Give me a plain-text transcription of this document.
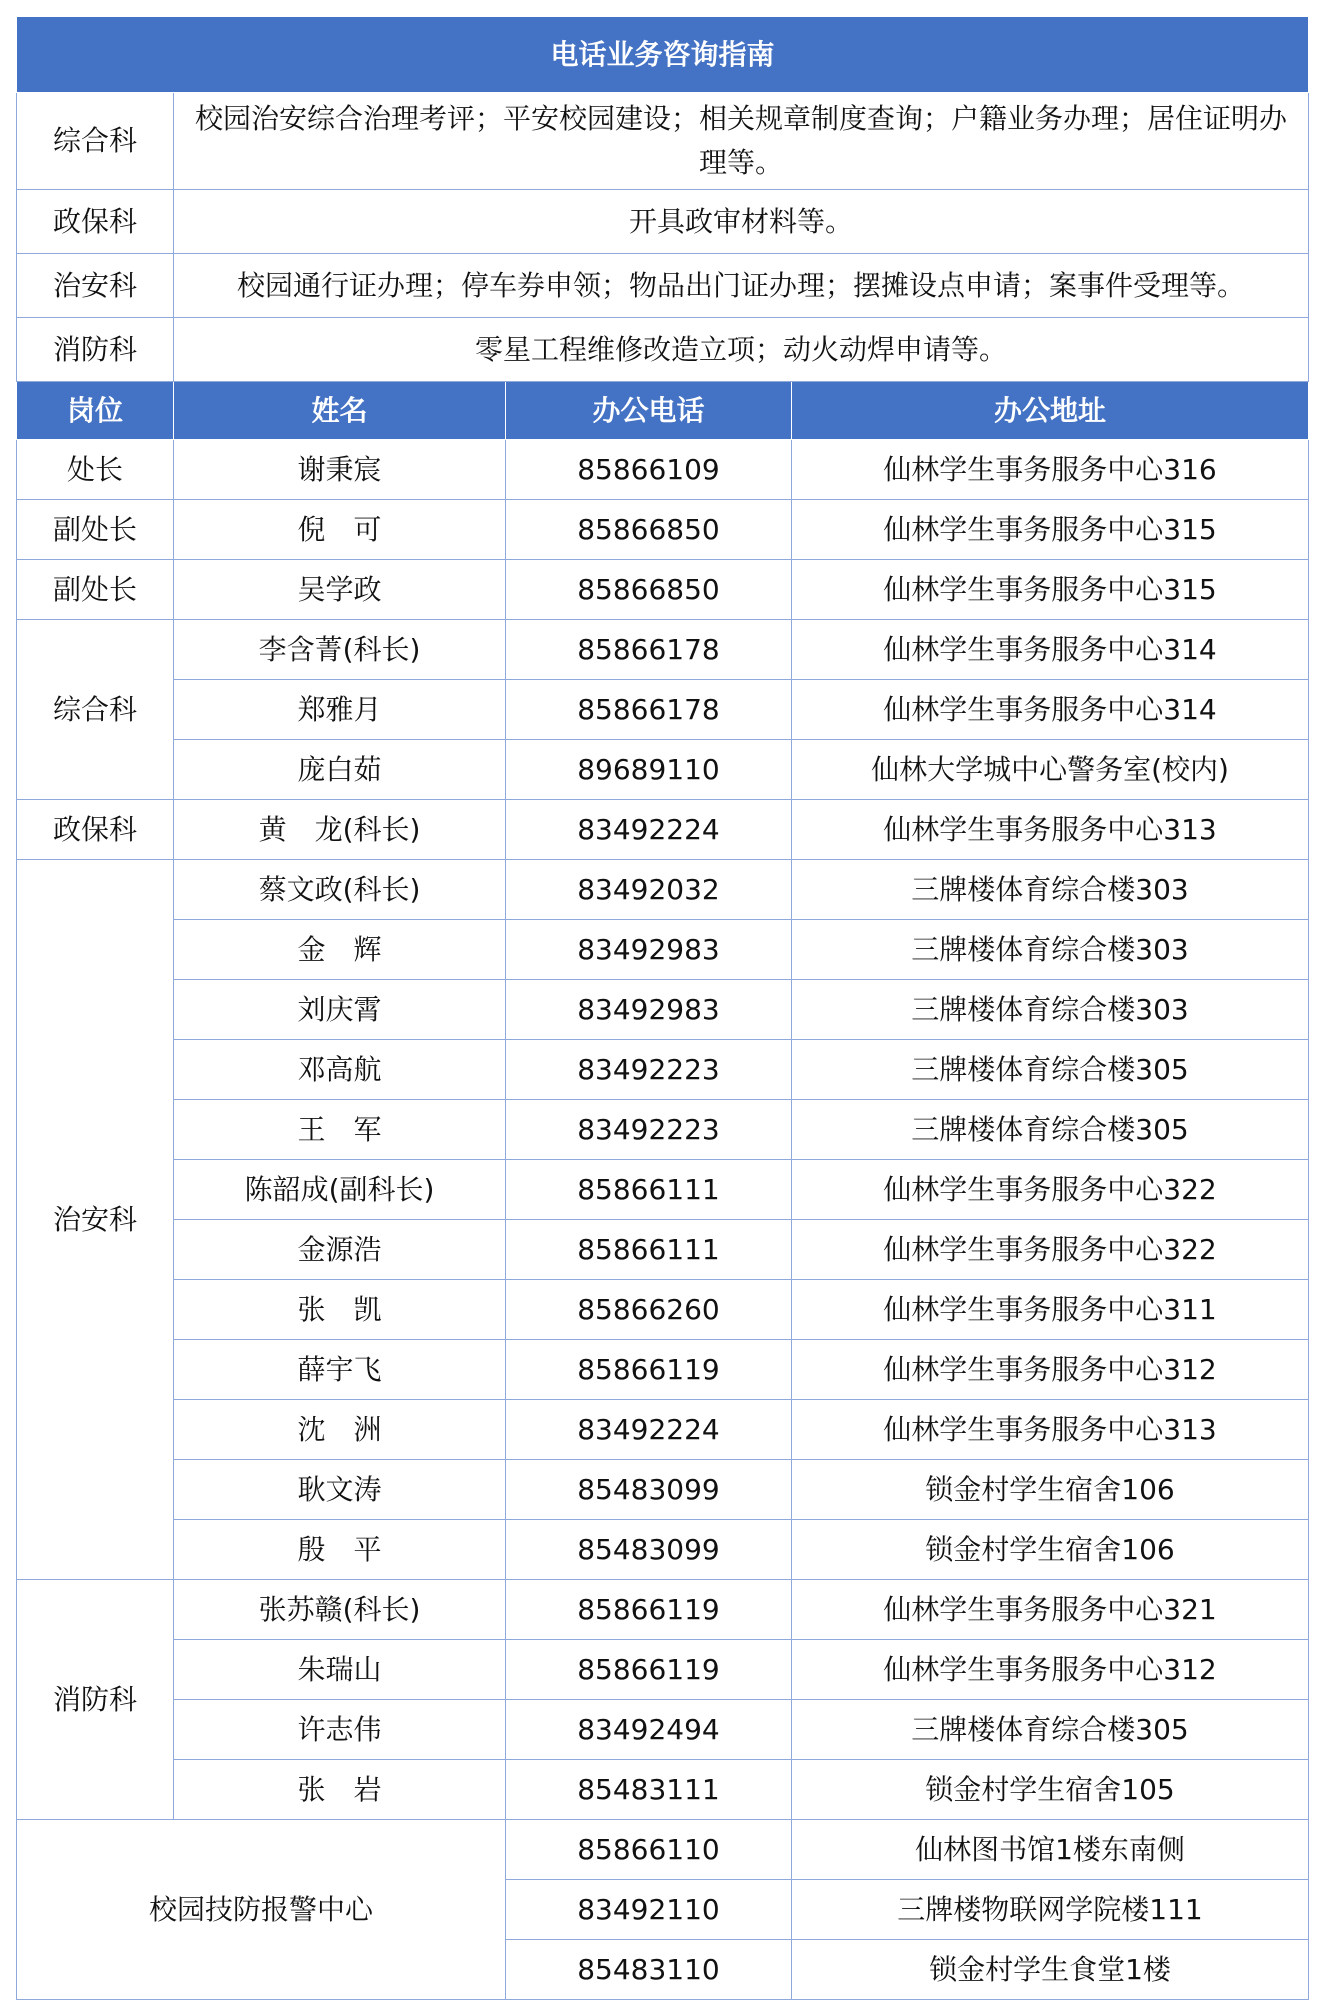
电话业务咨询指南			
综合科	校园治安综合治理考评；平安校园建设；相关规章制度查询；户籍业务办理；居住证明办理等。		
政保科	开具政审材料等。		
治安科	校园通行证办理；停车券申领；物品出门证办理；摆摊设点申请；案事件受理等。		
消防科	零星工程维修改造立项；动火动焊申请等。		
岗位	姓名	办公电话	办公地址
处长	谢秉宸	85866109	仙林学生事务服务中心316
副处长	倪　可	85866850	仙林学生事务服务中心315
副处长	吴学政	85866850	仙林学生事务服务中心315
综合科	李含菁(科长)	85866178	仙林学生事务服务中心314
	郑雅月	85866178	仙林学生事务服务中心314
	庞白茹	89689110	仙林大学城中心警务室(校内)
政保科	黄　龙(科长)	83492224	仙林学生事务服务中心313
治安科	蔡文政(科长)	83492032	三牌楼体育综合楼303
	金　辉	83492983	三牌楼体育综合楼303
	刘庆霄	83492983	三牌楼体育综合楼303
	邓高航	83492223	三牌楼体育综合楼305
	王　军	83492223	三牌楼体育综合楼305
	陈韶成(副科长)	85866111	仙林学生事务服务中心322
	金源浩	85866111	仙林学生事务服务中心322
	张　凯	85866260	仙林学生事务服务中心311
	薛宇飞	85866119	仙林学生事务服务中心312
	沈　洲	83492224	仙林学生事务服务中心313
	耿文涛	85483099	锁金村学生宿舍106
	殷　平	85483099	锁金村学生宿舍106
消防科	张苏赣(科长)	85866119	仙林学生事务服务中心321
	朱瑞山	85866119	仙林学生事务服务中心312
	许志伟	83492494	三牌楼体育综合楼305
	张　岩	85483111	锁金村学生宿舍105
校园技防报警中心		85866110	仙林图书馆1楼东南侧
		83492110	三牌楼物联网学院楼111
		85483110	锁金村学生食堂1楼
